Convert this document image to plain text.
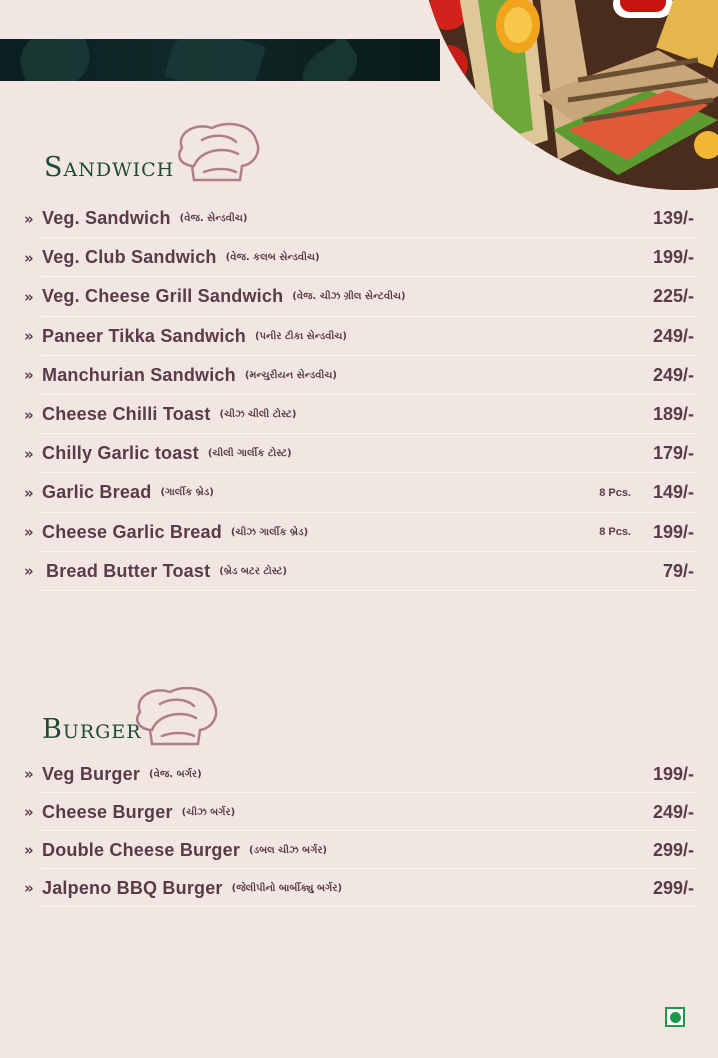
Sandwich
» Veg. Sandwich (વેજ. સેન્ડવીચ)	139/-
» Veg. Club Sandwich (વેજ. કલબ સેન્ડવીચ)	199/-
» Veg. Cheese Grill Sandwich (વેજ. ચીઝ ગ્રીલ સેન્ટવીચ)	225/-
» Paneer Tikka Sandwich (પનીર ટીકા સેન્ડવીચ)	249/-
» Manchurian Sandwich (મન્ચુરીયન સેન્ડવીચ)	249/-
» Cheese Chilli Toast (ચીઝ ચીલી ટોસ્ટ)	189/-
» Chilly Garlic toast (ચીલી ગાર્લીક ટોસ્ટ)	179/-
» Garlic Bread (ગાર્લીક બ્રેડ)	8 Pcs. 149/-
» Cheese Garlic Bread (ચીઝ ગાર્લીક બ્રેડ)	8 Pcs. 199/-
» Bread Butter Toast (બ્રેડ બટર ટોસ્ટ)	79/-
Burger
» Veg Burger (વેજ. બર્ગર)	199/-
» Cheese Burger (ચીઝ બર્ગર)	249/-
» Double Cheese Burger (ડબલ ચીઝ બર્ગર)	299/-
» Jalpeno BBQ Burger (જેલીપીનો બાર્બીક્યુ બર્ગર)	299/-
